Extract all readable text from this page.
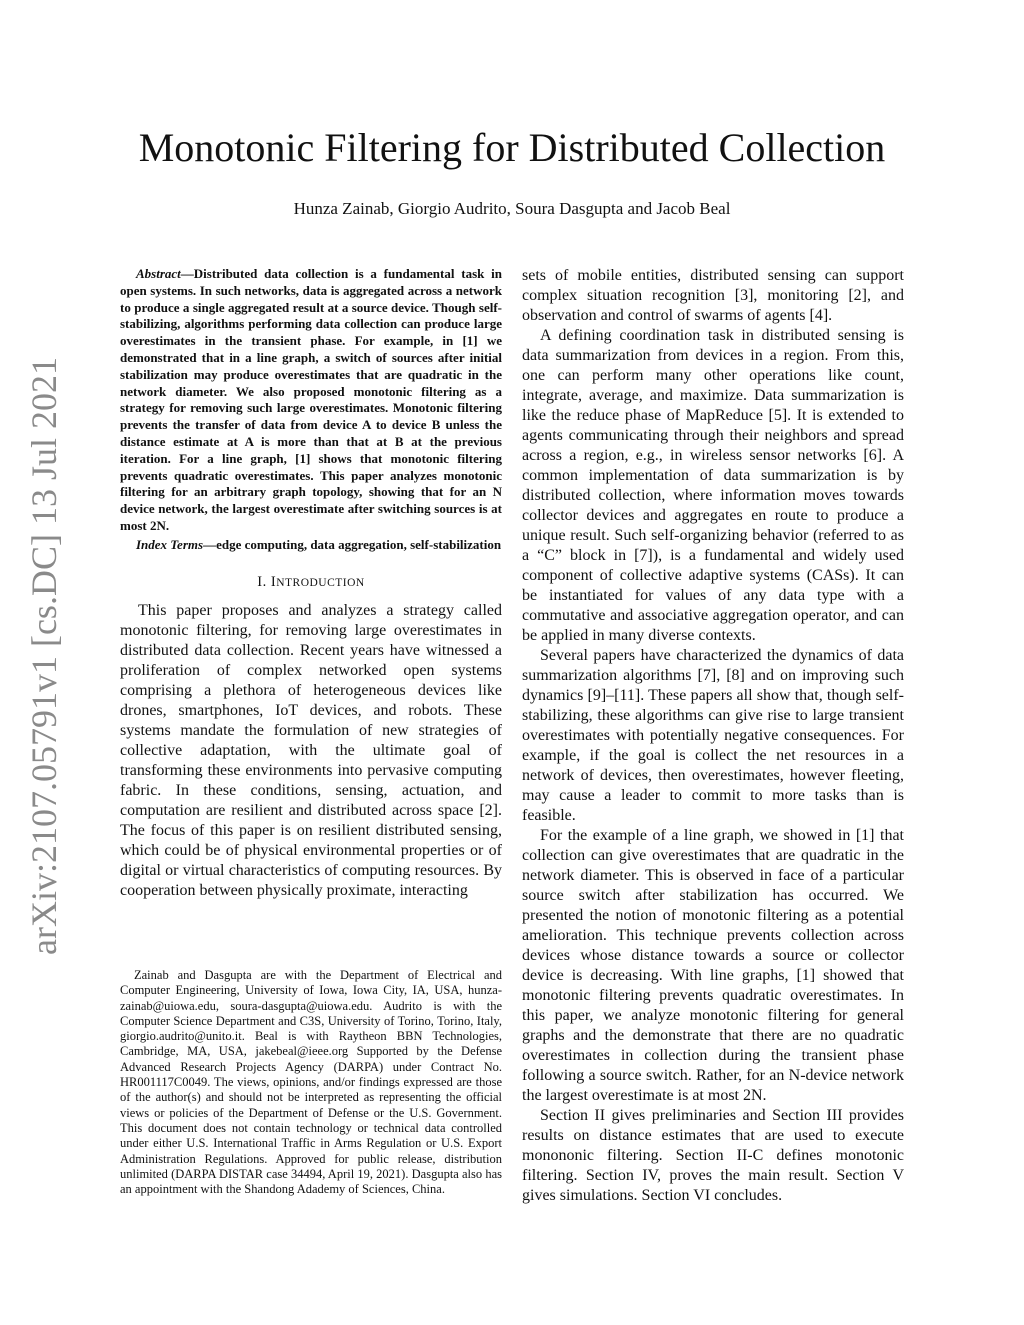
Monotonic Filtering for Distributed Collection
Hunza Zainab, Giorgio Audrito, Soura Dasgupta and Jacob Beal
arXiv:2107.05791v1 [cs.DC] 13 Jul 2021

Abstract—Distributed data collection is a fundamental task in open systems. In such networks, data is aggregated across a network to produce a single aggregated result at a source device. Though self-stabilizing, algorithms performing data collection can produce large overestimates in the transient phase. For example, in [1] we demonstrated that in a line graph, a switch of sources after initial stabilization may produce overestimates that are quadratic in the network diameter. We also proposed monotonic filtering as a strategy for removing such large overestimates. Monotonic filtering prevents the transfer of data from device A to device B unless the distance estimate at A is more than that at B at the previous iteration. For a line graph, [1] shows that monotonic filtering prevents quadratic overestimates. This paper analyzes monotonic filtering for an arbitrary graph topology, showing that for an N device network, the largest overestimate after switching sources is at most 2N.

Index Terms—edge computing, data aggregation, self-stabilization

I. INTRODUCTION

This paper proposes and analyzes a strategy called monotonic filtering, for removing large overestimates in distributed data collection. Recent years have witnessed a proliferation of complex networked open systems comprising a plethora of heterogeneous devices like drones, smartphones, IoT devices, and robots. These systems mandate the formulation of new strategies of collective adaptation, with the ultimate goal of transforming these environments into pervasive computing fabric. In these conditions, sensing, actuation, and computation are resilient and distributed across space [2]. The focus of this paper is on resilient distributed sensing, which could be of physical environmental properties or of digital or virtual characteristics of computing resources. By cooperation between physically proximate, interacting

Zainab and Dasgupta are with the Department of Electrical and Computer Engineering, University of Iowa, Iowa City, IA, USA, hunza-zainab@uiowa.edu, soura-dasgupta@uiowa.edu. Audrito is with the Computer Science Department and C3S, University of Torino, Torino, Italy, giorgio.audrito@unito.it. Beal is with Raytheon BBN Technologies, Cambridge, MA, USA, jakebeal@ieee.org Supported by the Defense Advanced Research Projects Agency (DARPA) under Contract No. HR001117C0049. The views, opinions, and/or findings expressed are those of the author(s) and should not be interpreted as representing the official views or policies of the Department of Defense or the U.S. Government. This document does not contain technology or technical data controlled under either U.S. International Traffic in Arms Regulation or U.S. Export Administration Regulations. Approved for public release, distribution unlimited (DARPA DISTAR case 34494, April 19, 2021). Dasgupta also has an appointment with the Shandong Adademy of Sciences, China.

sets of mobile entities, distributed sensing can support complex situation recognition [3], monitoring [2], and observation and control of swarms of agents [4].

A defining coordination task in distributed sensing is data summarization from devices in a region. From this, one can perform many other operations like count, integrate, average, and maximize. Data summarization is like the reduce phase of MapReduce [5]. It is extended to agents communicating through their neighbors and spread across a region, e.g., in wireless sensor networks [6]. A common implementation of data summarization is by distributed collection, where information moves towards collector devices and aggregates en route to produce a unique result. Such self-organizing behavior (referred to as a “C” block in [7]), is a fundamental and widely used component of collective adaptive systems (CASs). It can be instantiated for values of any data type with a commutative and associative aggregation operator, and can be applied in many diverse contexts.

Several papers have characterized the dynamics of data summarization algorithms [7], [8] and on improving such dynamics [9]–[11]. These papers all show that, though self-stabilizing, these algorithms can give rise to large transient overestimates with potentially negative consequences. For example, if the goal is collect the net resources in a network of devices, then overestimates, however fleeting, may cause a leader to commit to more tasks than is feasible.

For the example of a line graph, we showed in [1] that collection can give overestimates that are quadratic in the network diameter. This is observed in face of a particular source switch after stabilization has occurred. We presented the notion of monotonic filtering as a potential amelioration. This technique prevents collection across devices whose distance towards a source or collector device is decreasing. With line graphs, [1] showed that monotonic filtering prevents quadratic overestimates. In this paper, we analyze monotonic filtering for general graphs and the demonstrate that there are no quadratic overestimates in collection during the transient phase following a source switch. Rather, for an N-device network the largest overestimate is at most 2N.

Section II gives preliminaries and Section III provides results on distance estimates that are used to execute monononic filtering. Section II-C defines monotonic filtering. Section IV, proves the main result. Section V gives simulations. Section VI concludes.
